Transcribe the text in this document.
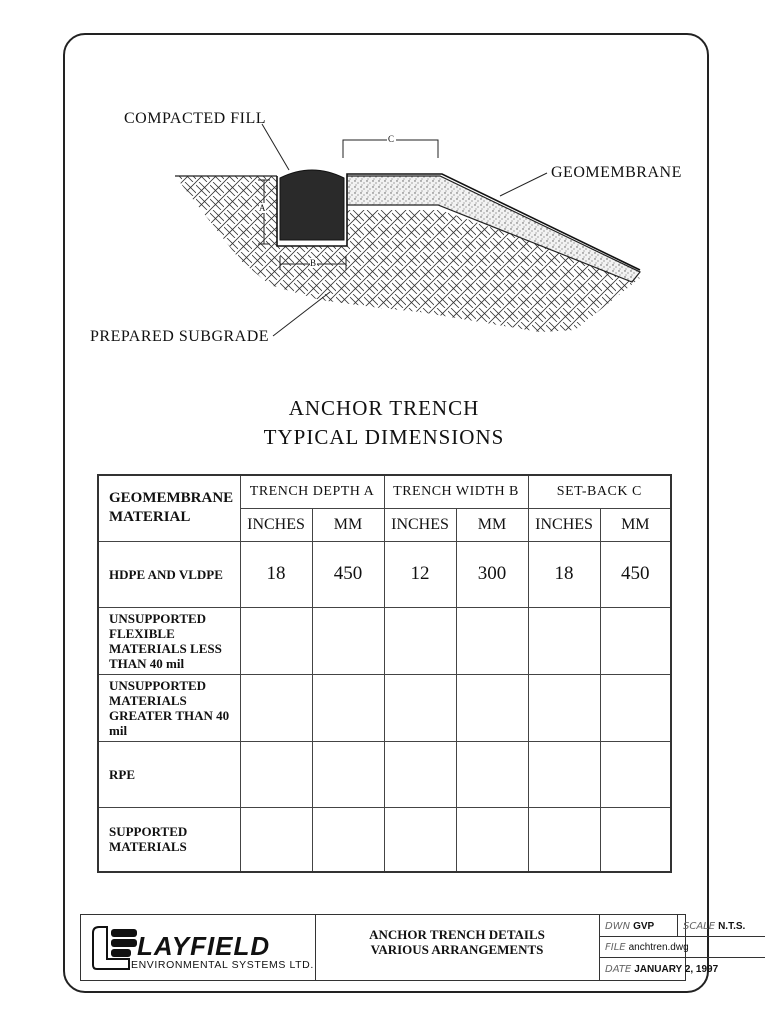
COMPACTED FILL
GEOMEMBRANE
PREPARED SUBGRADE
A
B
C
ANCHOR TRENCH
TYPICAL DIMENSIONS
GEOMEMBRANE MATERIAL	TRENCH DEPTH A		TRENCH WIDTH B		SET-BACK C	
	INCHES	MM	INCHES	MM	INCHES	MM
HDPE AND VLDPE	18	450	12	300	18	450
UNSUPPORTED FLEXIBLE MATERIALS LESS THAN 40 mil						
UNSUPPORTED MATERIALS GREATER THAN 40 mil						
RPE						
SUPPORTED MATERIALS						
LAYFIELD
ENVIRONMENTAL SYSTEMS LTD.
ANCHOR TRENCH DETAILS
VARIOUS ARRANGEMENTS
DWN GVP	SCALE N.T.S.
FILE anchtren.dwg
DATE JANUARY 2, 1997
